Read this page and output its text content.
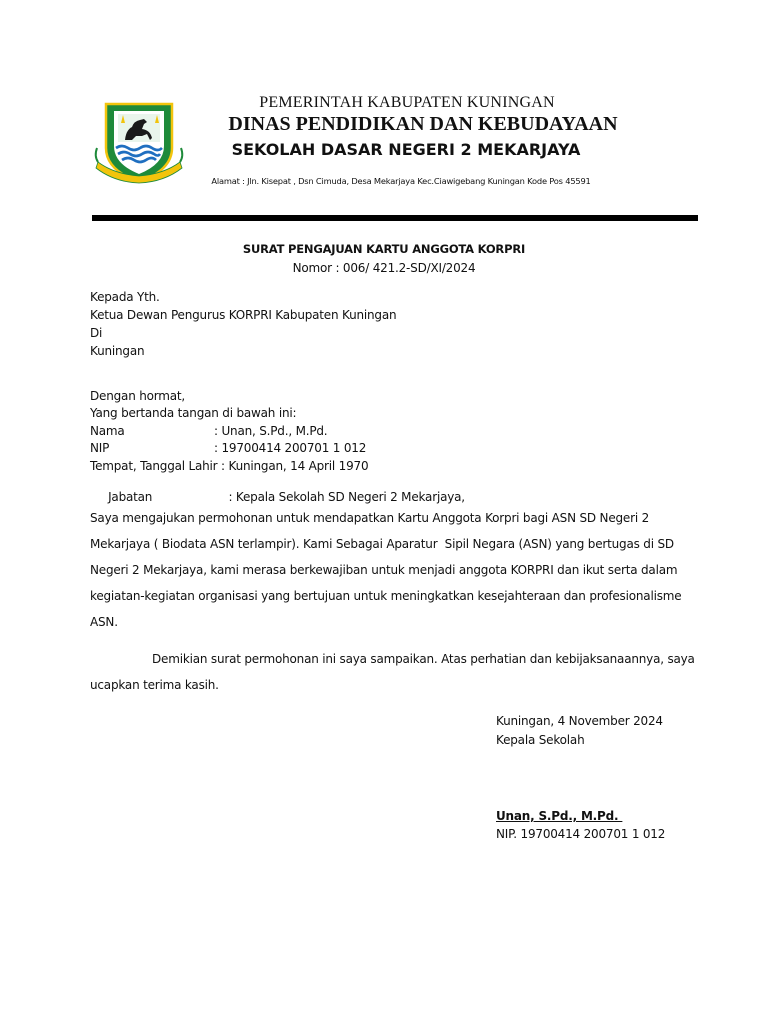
PEMERINTAH KABUPATEN KUNINGAN
DINAS PENDIDIKAN DAN KEBUDAYAAN
SEKOLAH DASAR NEGERI 2 MEKARJAYA
Alamat : Jln. Kisepat , Dsn Cimuda, Desa Mekarjaya Kec.Ciawigebang Kuningan Kode Pos 45591
SURAT PENGAJUAN KARTU ANGGOTA KORPRI
Nomor : 006/ 421.2-SD/XI/2024
Kepada Yth.
Ketua Dewan Pengurus KORPRI Kabupaten Kuningan
Di
Kuningan
Dengan hormat,
Yang bertanda tangan di bawah ini:
Nama	: Unan, S.Pd., M.Pd.
NIP	: 19700414 200701 1 012
Tempat, Tanggal Lahir : Kuningan, 14 April 1970

Jabatan	: Kepala Sekolah SD Negeri 2 Mekarjaya,

Saya mengajukan permohonan untuk mendapatkan Kartu Anggota Korpri bagi ASN SD Negeri 2
Mekarjaya ( Biodata ASN terlampir). Kami Sebagai Aparatur  Sipil Negara (ASN) yang bertugas di SD
Negeri 2 Mekarjaya, kami merasa berkewajiban untuk menjadi anggota KORPRI dan ikut serta dalam
kegiatan-kegiatan organisasi yang bertujuan untuk meningkatkan kesejahteraan dan profesionalisme
ASN.
Demikian surat permohonan ini saya sampaikan. Atas perhatian dan kebijaksanaannya, saya
ucapkan terima kasih.
Kuningan, 4 November 2024
Kepala Sekolah
Unan, S.Pd., M.Pd.
NIP. 19700414 200701 1 012
